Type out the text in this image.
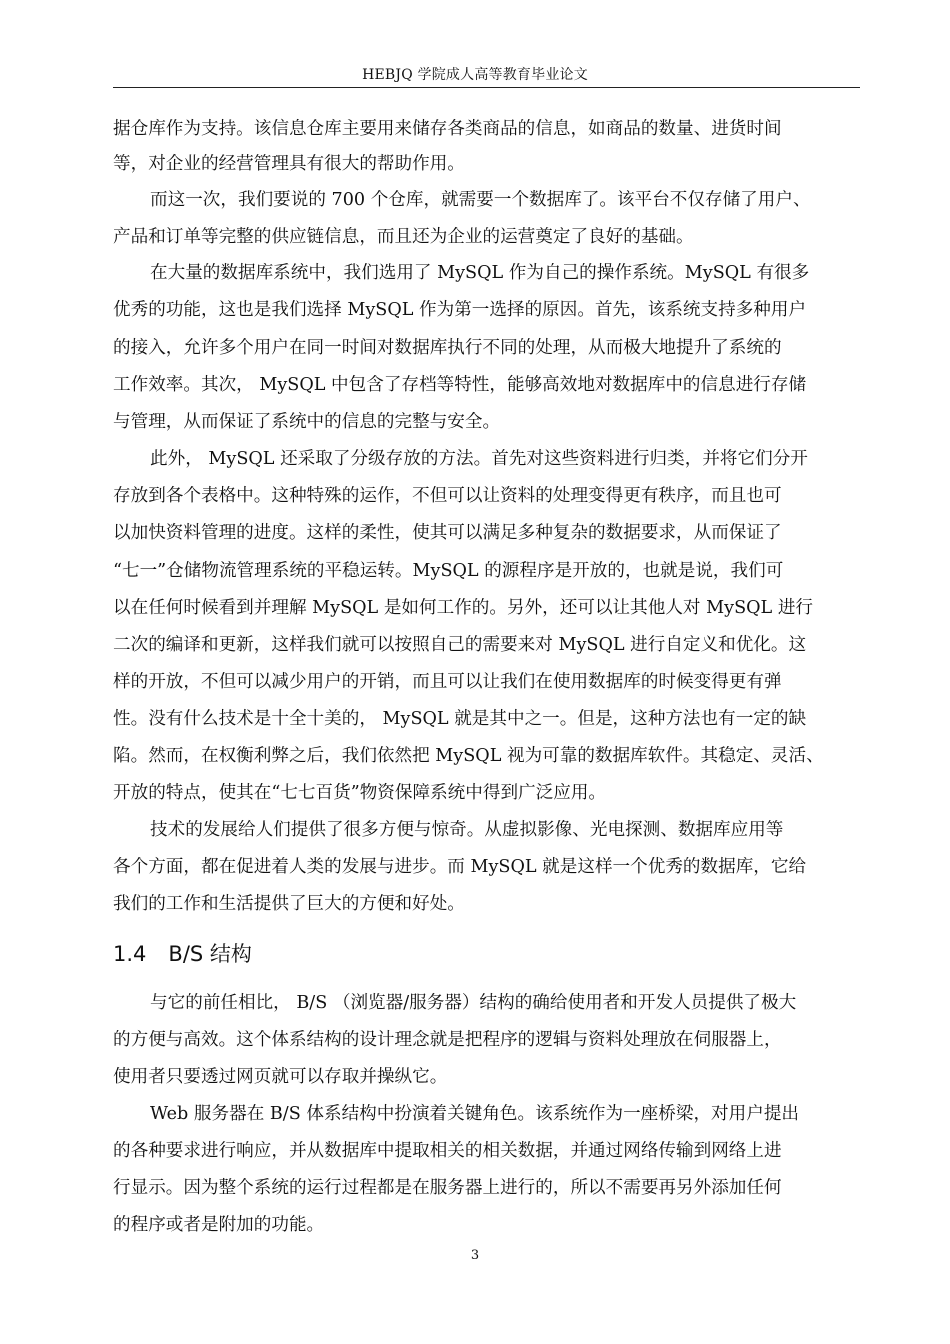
HEBJQ 学院成人高等教育毕业论文
据仓库作为支持。该信息仓库主要用来储存各类商品的信息，如商品的数量、进货时间
等，对企业的经营管理具有很大的帮助作用。
而这一次，我们要说的 700 个仓库，就需要一个数据库了。该平台不仅存储了用户、
产品和订单等完整的供应链信息，而且还为企业的运营奠定了良好的基础。
在大量的数据库系统中，我们选用了 MySQL 作为自己的操作系统。MySQL 有很多
优秀的功能，这也是我们选择 MySQL 作为第一选择的原因。首先，该系统支持多种用户
的接入，允许多个用户在同一时间对数据库执行不同的处理，从而极大地提升了系统的
工作效率。其次， MySQL 中包含了存档等特性，能够高效地对数据库中的信息进行存储
与管理，从而保证了系统中的信息的完整与安全。
此外， MySQL 还采取了分级存放的方法。首先对这些资料进行归类，并将它们分开
存放到各个表格中。这种特殊的运作，不但可以让资料的处理变得更有秩序，而且也可
以加快资料管理的进度。这样的柔性，使其可以满足多种复杂的数据要求，从而保证了
“七一”仓储物流管理系统的平稳运转。MySQL 的源程序是开放的，也就是说，我们可
以在任何时候看到并理解 MySQL 是如何工作的。另外，还可以让其他人对 MySQL 进行
二次的编译和更新，这样我们就可以按照自己的需要来对 MySQL 进行自定义和优化。这
样的开放，不但可以减少用户的开销，而且可以让我们在使用数据库的时候变得更有弹
性。没有什么技术是十全十美的， MySQL 就是其中之一。但是，这种方法也有一定的缺
陷。然而，在权衡利弊之后，我们依然把 MySQL 视为可靠的数据库软件。其稳定、灵活、
开放的特点，使其在“七七百货”物资保障系统中得到广泛应用。
技术的发展给人们提供了很多方便与惊奇。从虚拟影像、光电探测、数据库应用等
各个方面，都在促进着人类的发展与进步。而 MySQL 就是这样一个优秀的数据库，它给
我们的工作和生活提供了巨大的方便和好处。
1.4 B/S 结构
与它的前任相比， B/S （浏览器/服务器）结构的确给使用者和开发人员提供了极大
的方便与高效。这个体系结构的设计理念就是把程序的逻辑与资料处理放在伺服器上，
使用者只要透过网页就可以存取并操纵它。
Web 服务器在 B/S 体系结构中扮演着关键角色。该系统作为一座桥梁，对用户提出
的各种要求进行响应，并从数据库中提取相关的相关数据，并通过网络传输到网络上进
行显示。因为整个系统的运行过程都是在服务器上进行的，所以不需要再另外添加任何
的程序或者是附加的功能。
3
